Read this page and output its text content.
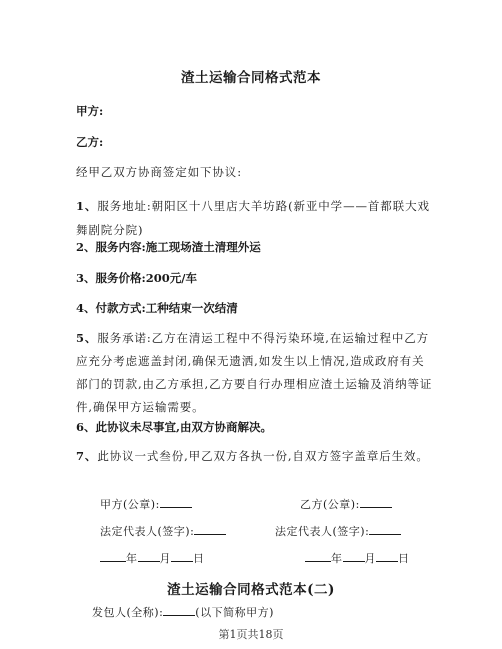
渣土运输合同格式范本
甲方:
乙方:
经甲乙双方协商签定如下协议:
1、服务地址:朝阳区十八里店大羊坊路(新亚中学——首都联大戏舞剧院分院)
2、服务内容:施工现场渣土清理外运
3、服务价格:200元/车
4、付款方式:工种结束一次结清
5、服务承诺:乙方在清运工程中不得污染环境,在运输过程中乙方应充分考虑遮盖封闭,确保无遗洒,如发生以上情况,造成政府有关部门的罚款,由乙方承担,乙方要自行办理相应渣土运输及消纳等证件,确保甲方运输需要。
6、此协议未尽事宜,由双方协商解决。
7、此协议一式叁份,甲乙双方各执一份,自双方签字盖章后生效。
甲方(公章):	乙方(公章):
法定代表人(签字):	法定代表人(签字):
年 月 日	年 月 日
渣土运输合同格式范本(二)
发包人(全称):	(以下简称甲方)
第1页共18页
